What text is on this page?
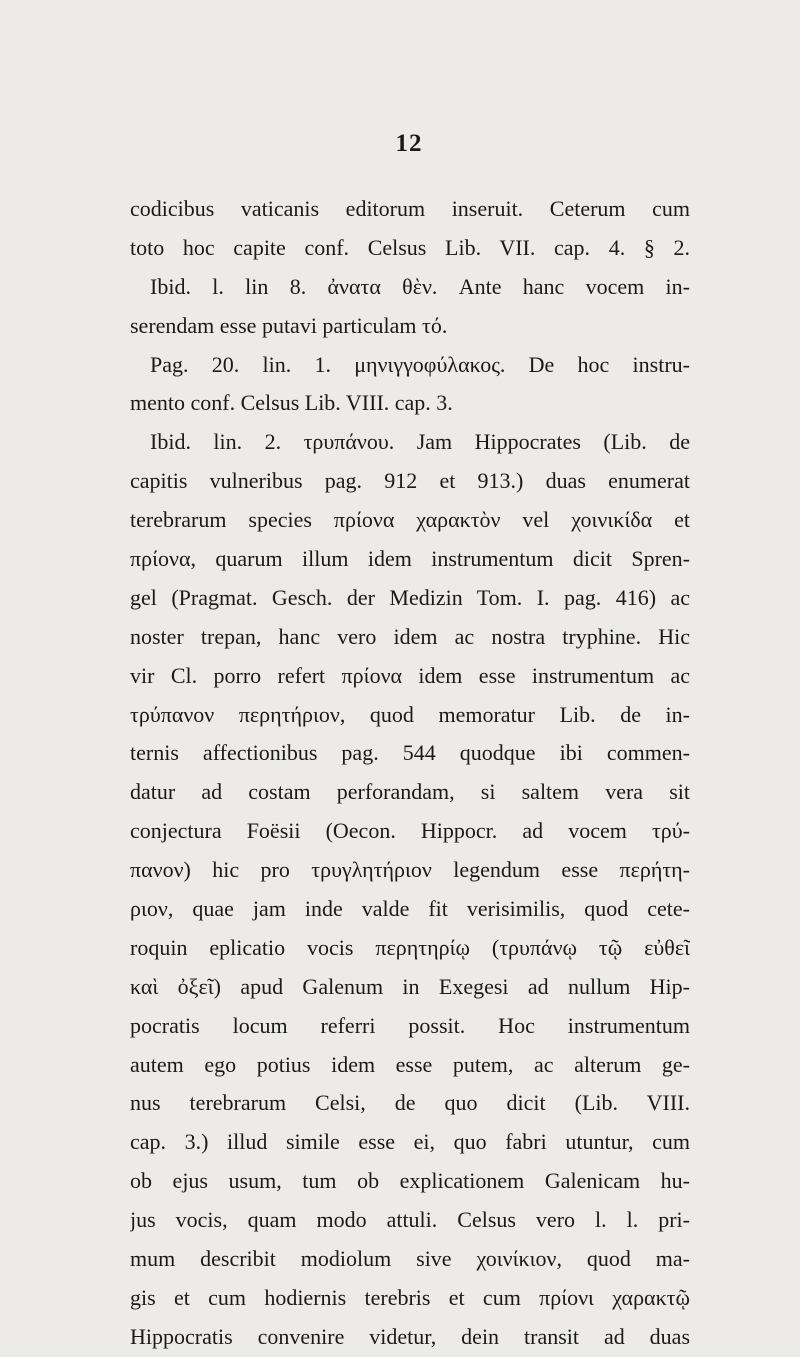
12
codicibus vaticanis editorum inseruit. Ceterum cum
toto hoc capite conf. Celsus Lib. VII. cap. 4. § 2.
Ibid. l. lin 8. ἀνατα θὲν. Ante hanc vocem in-
serendam esse putavi particulam τό.
Pag. 20. lin. 1. μηνιγγοφύλακος. De hoc instru-
mento conf. Celsus Lib. VIII. cap. 3.
Ibid. lin. 2. τρυπάνου. Jam Hippocrates (Lib. de
capitis vulneribus pag. 912 et 913.) duas enumerat
terebrarum species πρίονα χαρακτὸν vel χοινικίδα et
πρίονα, quarum illum idem instrumentum dicit Spren-
gel (Pragmat. Gesch. der Medizin Tom. I. pag. 416) ac
noster trepan, hanc vero idem ac nostra tryphine. Hic
vir Cl. porro refert πρίονα idem esse instrumentum ac
τρύπανον περητήριον, quod memoratur Lib. de in-
ternis affectionibus pag. 544 quodque ibi commen-
datur ad costam perforandam, si saltem vera sit
conjectura Foësii (Oecon. Hippocr. ad vocem τρύ-
πανον) hic pro τρυγλητήριον legendum esse περήτη-
ριον, quae jam inde valde fit verisimilis, quod cete-
roquin eplicatio vocis περητηρίῳ (τρυπάνῳ τῷ εὐθεῖ
καὶ ὀξεῖ) apud Galenum in Exegesi ad nullum Hip-
pocratis locum referri possit. Hoc instrumentum
autem ego potius idem esse putem, ac alterum ge-
nus terebrarum Celsi, de quo dicit (Lib. VIII.
cap. 3.) illud simile esse ei, quo fabri utuntur, cum
ob ejus usum, tum ob explicationem Galenicam hu-
jus vocis, quam modo attuli. Celsus vero l. l. pri-
mum describit modiolum sive χοινίκιον, quod ma-
gis et cum hodiernis terebris et cum πρίονι χαρακτῷ
Hippocratis convenire videtur, dein transit ad duas
